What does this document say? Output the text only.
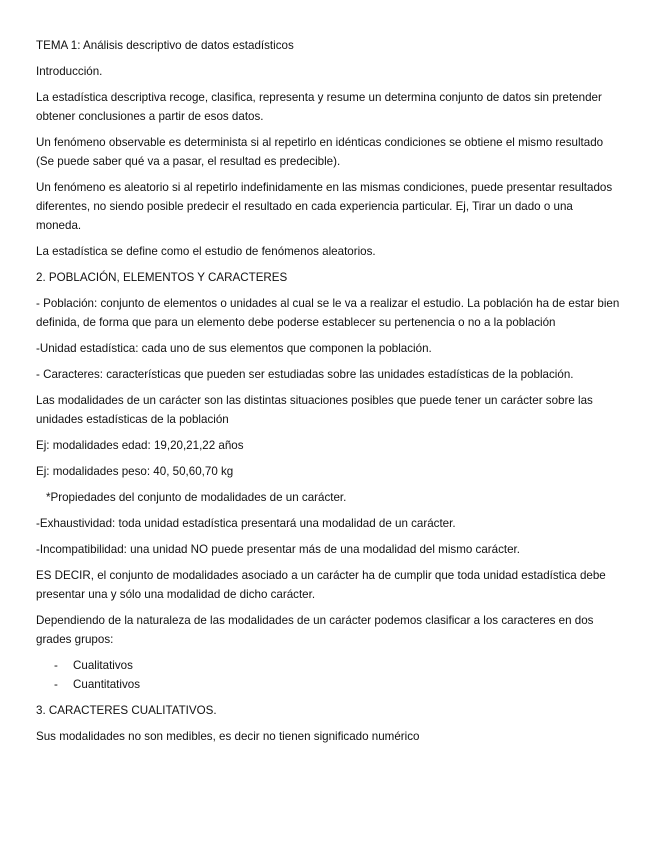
TEMA 1: Análisis descriptivo de datos estadísticos

Introducción.

La estadística descriptiva recoge, clasifica, representa y resume un determina conjunto de datos sin pretender obtener conclusiones a partir de esos datos.

Un fenómeno observable es determinista si al repetirlo en idénticas condiciones se obtiene el mismo resultado (Se puede saber qué va a pasar, el resultad es predecible).

Un fenómeno es aleatorio si al repetirlo indefinidamente en las mismas condiciones, puede presentar resultados diferentes, no siendo posible predecir el resultado en cada experiencia particular. Ej, Tirar un dado o una moneda.

La estadística se define como el estudio de fenómenos aleatorios.

2. POBLACIÓN, ELEMENTOS Y CARACTERES

- Población: conjunto de elementos o unidades al cual se le va a realizar el estudio. La población ha de estar bien definida, de forma que para un elemento debe poderse establecer su pertenencia o no a la población

-Unidad estadística: cada uno de sus elementos que componen la población.

- Caracteres: características que pueden ser estudiadas sobre las unidades estadísticas de la población.

Las modalidades de un carácter son las distintas situaciones posibles que puede tener un carácter sobre las unidades estadísticas de la población

Ej: modalidades edad: 19,20,21,22 años

Ej: modalidades peso: 40, 50,60,70 kg

*Propiedades del conjunto de modalidades de un carácter.

-Exhaustividad: toda unidad estadística presentará una modalidad de un carácter.

-Incompatibilidad: una unidad NO puede presentar más de una modalidad del mismo carácter.

ES DECIR, el conjunto de modalidades asociado a un carácter ha de cumplir que toda unidad estadística debe presentar una y sólo una modalidad de dicho carácter.

Dependiendo de la naturaleza de las modalidades de un carácter podemos clasificar a los caracteres en dos grades grupos:

- Cualitativos
- Cuantitativos

3. CARACTERES CUALITATIVOS.

Sus modalidades no son medibles, es decir no tienen significado numérico
